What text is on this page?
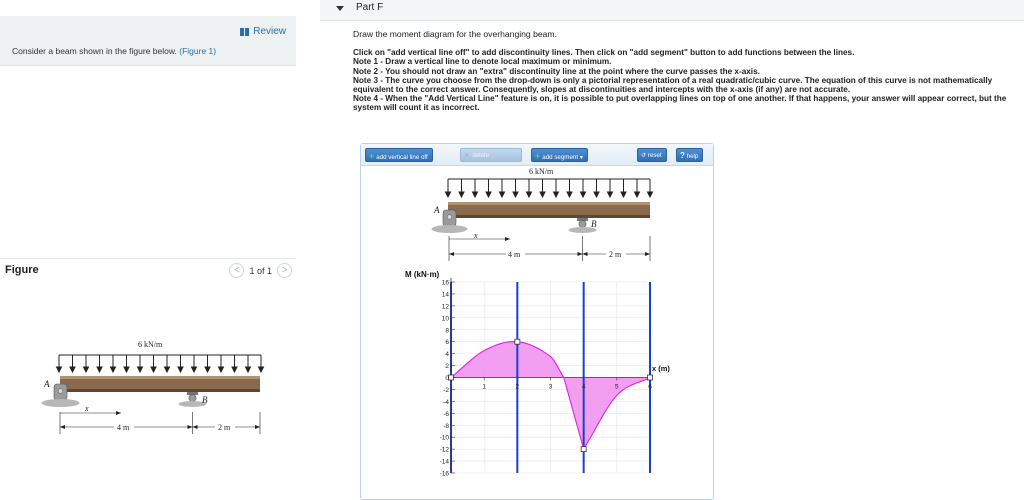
Review
Consider a beam shown in the figure below. (Figure 1)
Figure	<	1 of 1 >
6 kN/m
A
B
x
4 m	2 m
Part F
Draw the moment diagram for the overhanging beam.
Click on "add vertical line off" to add discontinuity lines. Then click on "add segment" button to add functions between the lines.
Note 1 - Draw a vertical line to denote local maximum or minimum.
Note 2 - You should not draw an "extra" discontinuity line at the point where the curve passes the x-axis.
Note 3 - The curve you choose from the drop-down is only a pictorial representation of a real quadratic/cubic curve. The equation of this curve is not mathematically equivalent to the correct answer. Consequently, slopes at discontinuities and intercepts with the x-axis (if any) are not accurate.
Note 4 - When the "Add Vertical Line" feature is on, it is possible to put overlapping lines on top of one another. If that happens, your answer will appear correct, but the system will count it as incorrect.
+ add vertical line off	✕ delete	+ add segment ▾	↺ reset	? help
6 kN/m
A
B
x
4 m	2 m
16
14
12
10
8
6
4
2
0
-2
-4
-6
-8
-10
-12
-14
-16
1	2	3	4	5	6
M (kN·m)
x (m)
